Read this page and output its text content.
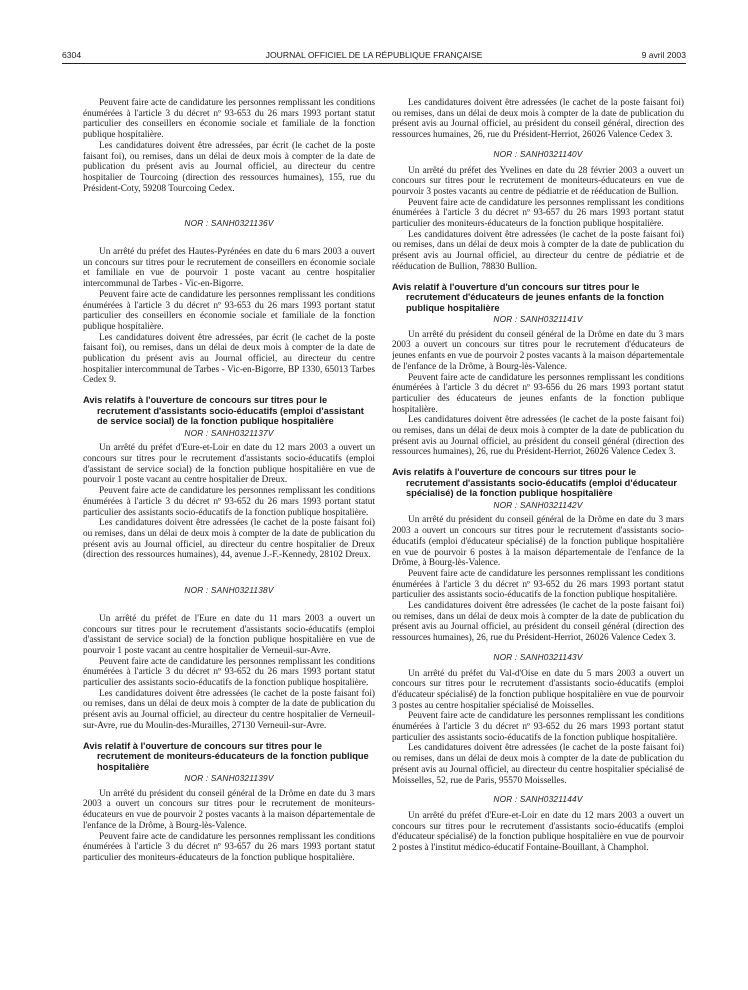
6304	JOURNAL OFFICIEL DE LA RÉPUBLIQUE FRANÇAISE	9 avril 2003

Peuvent faire acte de candidature les personnes remplissant les conditions énumérées à l'article 3 du décret nº 93-653 du 26 mars 1993 portant statut particulier des conseillers en économie sociale et familiale de la fonction publique hospitalière.

Les candidatures doivent être adressées, par écrit (le cachet de la poste faisant foi), ou remises, dans un délai de deux mois à compter de la date de publication du présent avis au Journal officiel, au directeur du centre hospitalier de Tourcoing (direction des ressources humaines), 155, rue du Président-Coty, 59208 Tourcoing Cedex.

NOR : SANH0321136V

Un arrêté du préfet des Hautes-Pyrénées en date du 6 mars 2003 a ouvert un concours sur titres pour le recrutement de conseillers en économie sociale et familiale en vue de pourvoir 1 poste vacant au centre hospitalier intercommunal de Tarbes - Vic-en-Bigorre.

Peuvent faire acte de candidature les personnes remplissant les conditions énumérées à l'article 3 du décret nº 93-653 du 26 mars 1993 portant statut particulier des conseillers en économie sociale et familiale de la fonction publique hospitalière.

Les candidatures doivent être adressées, par écrit (le cachet de la poste faisant foi), ou remises, dans un délai de deux mois à compter de la date de publication du présent avis au Journal officiel, au directeur du centre hospitalier intercommunal de Tarbes - Vic-en-Bigorre, BP 1330, 65013 Tarbes Cedex 9.

Avis relatifs à l'ouverture de concours sur titres pour le
recrutement d'assistants socio-éducatifs (emploi d'assistant de service social) de la fonction publique hospitalière
NOR : SANH0321137V

Un arrêté du préfet d'Eure-et-Loir en date du 12 mars 2003 a ouvert un concours sur titres pour le recrutement d'assistants socio-éducatifs (emploi d'assistant de service social) de la fonction publique hospitalière en vue de pourvoir 1 poste vacant au centre hospitalier de Dreux.

Peuvent faire acte de candidature les personnes remplissant les conditions énumérées à l'article 3 du décret nº 93-652 du 26 mars 1993 portant statut particulier des assistants socio-éducatifs de la fonction publique hospitalière.

Les candidatures doivent être adressées (le cachet de la poste faisant foi) ou remises, dans un délai de deux mois à compter de la date de publication du présent avis au Journal officiel, au directeur du centre hospitalier de Dreux (direction des ressources humaines), 44, avenue J.-F.-Kennedy, 28102 Dreux.

NOR : SANH0321138V

Un arrêté du préfet de l'Eure en date du 11 mars 2003 a ouvert un concours sur titres pour le recrutement d'assistants socio-éducatifs (emploi d'assistant de service social) de la fonction publique hospitalière en vue de pourvoir 1 poste vacant au centre hospitalier de Verneuil-sur-Avre.

Peuvent faire acte de candidature les personnes remplissant les conditions énumérées à l'article 3 du décret nº 93-652 du 26 mars 1993 portant statut particulier des assistants socio-éducatifs de la fonction publique hospitalière.

Les candidatures doivent être adressées (le cachet de la poste faisant foi) ou remises, dans un délai de deux mois à compter de la date de publication du présent avis au Journal officiel, au directeur du centre hospitalier de Verneuil-sur-Avre, rue du Moulin-des-Murailles, 27130 Verneuil-sur-Avre.

Avis relatif à l'ouverture de concours sur titres pour le
recrutement de moniteurs-éducateurs de la fonction publique hospitalière
NOR : SANH0321139V

Un arrêté du président du conseil général de la Drôme en date du 3 mars 2003 a ouvert un concours sur titres pour le recrutement de moniteurs-éducateurs en vue de pourvoir 2 postes vacants à la maison départementale de l'enfance de la Drôme, à Bourg-lès-Valence.

Peuvent faire acte de candidature les personnes remplissant les conditions énumérées à l'article 3 du décret nº 93-657 du 26 mars 1993 portant statut particulier des moniteurs-éducateurs de la fonction publique hospitalière.

Les candidatures doivent être adressées (le cachet de la poste faisant foi) ou remises, dans un délai de deux mois à compter de la date de publication du présent avis au Journal officiel, au président du conseil général, direction des ressources humaines, 26, rue du Président-Herriot, 26026 Valence Cedex 3.

NOR : SANH0321140V

Un arrêté du préfet des Yvelines en date du 28 février 2003 a ouvert un concours sur titres pour le recrutement de moniteurs-éducateurs en vue de pourvoir 3 postes vacants au centre de pédiatrie et de rééducation de Bullion.

Peuvent faire acte de candidature les personnes remplissant les conditions énumérées à l'article 3 du décret nº 93-657 du 26 mars 1993 portant statut particulier des moniteurs-éducateurs de la fonction publique hospitalière.

Les candidatures doivent être adressées (le cachet de la poste faisant foi) ou remises, dans un délai de deux mois à compter de la date de publication du présent avis au Journal officiel, au directeur du centre de pédiatrie et de rééducation de Bullion, 78830 Bullion.

Avis relatif à l'ouverture d'un concours sur titres pour le
recrutement d'éducateurs de jeunes enfants de la fonction publique hospitalière
NOR : SANH0321141V

Un arrêté du président du conseil général de la Drôme en date du 3 mars 2003 a ouvert un concours sur titres pour le recrutement d'éducateurs de jeunes enfants en vue de pourvoir 2 postes vacants à la maison départementale de l'enfance de la Drôme, à Bourg-lès-Valence.

Peuvent faire acte de candidature les personnes remplissant les conditions énumérées à l'article 3 du décret nº 93-656 du 26 mars 1993 portant statut particulier des éducateurs de jeunes enfants de la fonction publique hospitalière.

Les candidatures doivent être adressées (le cachet de la poste faisant foi) ou remises, dans un délai de deux mois à compter de la date de publication du présent avis au Journal officiel, au président du conseil général (direction des ressources humaines), 26, rue du Président-Herriot, 26026 Valence Cedex 3.

Avis relatifs à l'ouverture de concours sur titres pour le
recrutement d'assistants socio-éducatifs (emploi d'éducateur spécialisé) de la fonction publique hospitalière
NOR : SANH0321142V

Un arrêté du président du conseil général de la Drôme en date du 3 mars 2003 a ouvert un concours sur titres pour le recrutement d'assistants socio-éducatifs (emploi d'éducateur spécialisé) de la fonction publique hospitalière en vue de pourvoir 6 postes à la maison départementale de l'enfance de la Drôme, à Bourg-lès-Valence.

Peuvent faire acte de candidature les personnes remplissant les conditions énumérées à l'article 3 du décret nº 93-652 du 26 mars 1993 portant statut particulier des assistants socio-éducatifs de la fonction publique hospitalière.

Les candidatures doivent être adressées (le cachet de la poste faisant foi) ou remises, dans un délai de deux mois à compter de la date de publication du présent avis au Journal officiel, au président du conseil général (direction des ressources humaines), 26, rue du Président-Herriot, 26026 Valence Cedex 3.

NOR : SANH0321143V

Un arrêté du préfet du Val-d'Oise en date du 5 mars 2003 a ouvert un concours sur titres pour le recrutement d'assistants socio-éducatifs (emploi d'éducateur spécialisé) de la fonction publique hospitalière en vue de pourvoir 3 postes au centre hospitalier spécialisé de Moisselles.

Peuvent faire acte de candidature les personnes remplissant les conditions énumérées à l'article 3 du décret nº 93-652 du 26 mars 1993 portant statut particulier des assistants socio-éducatifs de la fonction publique hospitalière.

Les candidatures doivent être adressées (le cachet de la poste faisant foi) ou remises, dans un délai de deux mois à compter de la date de publication du présent avis au Journal officiel, au directeur du centre hospitalier spécialisé de Moisselles, 52, rue de Paris, 95570 Moisselles.

NOR : SANH0321144V

Un arrêté du préfet d'Eure-et-Loir en date du 12 mars 2003 a ouvert un concours sur titres pour le recrutement d'assistants socio-éducatifs (emploi d'éducateur spécialisé) de la fonction publique hospitalière en vue de pourvoir 2 postes à l'institut médico-éducatif Fontaine-Bouillant, à Champhol.
